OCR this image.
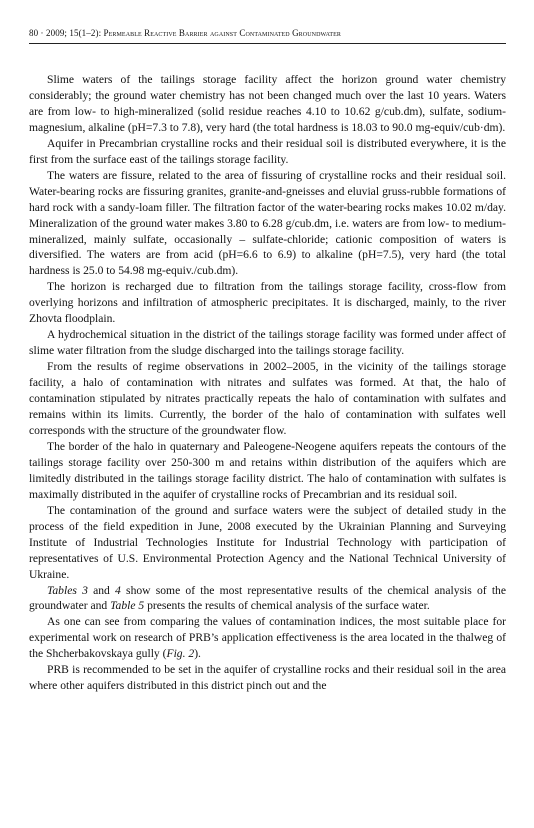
80 · 2009; 15(1–2): Permeable Reactive Barrier against Contaminated Groundwater

Slime waters of the tailings storage facility affect the horizon ground water chemistry considerably; the ground water chemistry has not been changed much over the last 10 years. Waters are from low- to high-mineralized (solid residue reaches 4.10 to 10.62 g/cub.dm), sulfate, sodium-magnesium, alkaline (pH=7.3 to 7.8), very hard (the total hardness is 18.03 to 90.0 mg-equiv/cub·dm).

Aquifer in Precambrian crystalline rocks and their residual soil is distributed everywhere, it is the first from the surface east of the tailings storage facility.

The waters are fissure, related to the area of fissuring of crystalline rocks and their residual soil. Water-bearing rocks are fissuring granites, granite-and-gneisses and eluvial gruss-rubble formations of hard rock with a sandy-loam filler. The filtration factor of the water-bearing rocks makes 10.02 m/day. Mineralization of the ground water makes 3.80 to 6.28 g/cub.dm, i.e. waters are from low- to medium-mineralized, mainly sulfate, occasionally – sulfate-chloride; cationic composition of waters is diversified. The waters are from acid (pH=6.6 to 6.9) to alkaline (pH=7.5), very hard (the total hardness is 25.0 to 54.98 mg-equiv./cub.dm).

The horizon is recharged due to filtration from the tailings storage facility, cross-flow from overlying horizons and infiltration of atmospheric precipitates. It is discharged, mainly, to the river Zhovta floodplain.

A hydrochemical situation in the district of the tailings storage facility was formed under affect of slime water filtration from the sludge discharged into the tailings storage facility.

From the results of regime observations in 2002–2005, in the vicinity of the tailings storage facility, a halo of contamination with nitrates and sulfates was formed. At that, the halo of contamination stipulated by nitrates practically repeats the halo of contamination with sulfates and remains within its limits. Currently, the border of the halo of contamination with sulfates well corresponds with the structure of the groundwater flow.

The border of the halo in quaternary and Paleogene-Neogene aquifers repeats the contours of the tailings storage facility over 250-300 m and retains within distribution of the aquifers which are limitedly distributed in the tailings storage facility district. The halo of contamination with sulfates is maximally distributed in the aquifer of crystalline rocks of Precambrian and its residual soil.

The contamination of the ground and surface waters were the subject of detailed study in the process of the field expedition in June, 2008 executed by the Ukrainian Planning and Surveying Institute of Industrial Technologies Institute for Industrial Technology with participation of representatives of U.S. Environmental Protection Agency and the National Technical University of Ukraine.

Tables 3 and 4 show some of the most representative results of the chemical analysis of the groundwater and Table 5 presents the results of chemical analysis of the surface water.

As one can see from comparing the values of contamination indices, the most suitable place for experimental work on research of PRB’s application effectiveness is the area located in the thalweg of the Shcherbakovskaya gully (Fig. 2).

PRB is recommended to be set in the aquifer of crystalline rocks and their residual soil in the area where other aquifers distributed in this district pinch out and the
